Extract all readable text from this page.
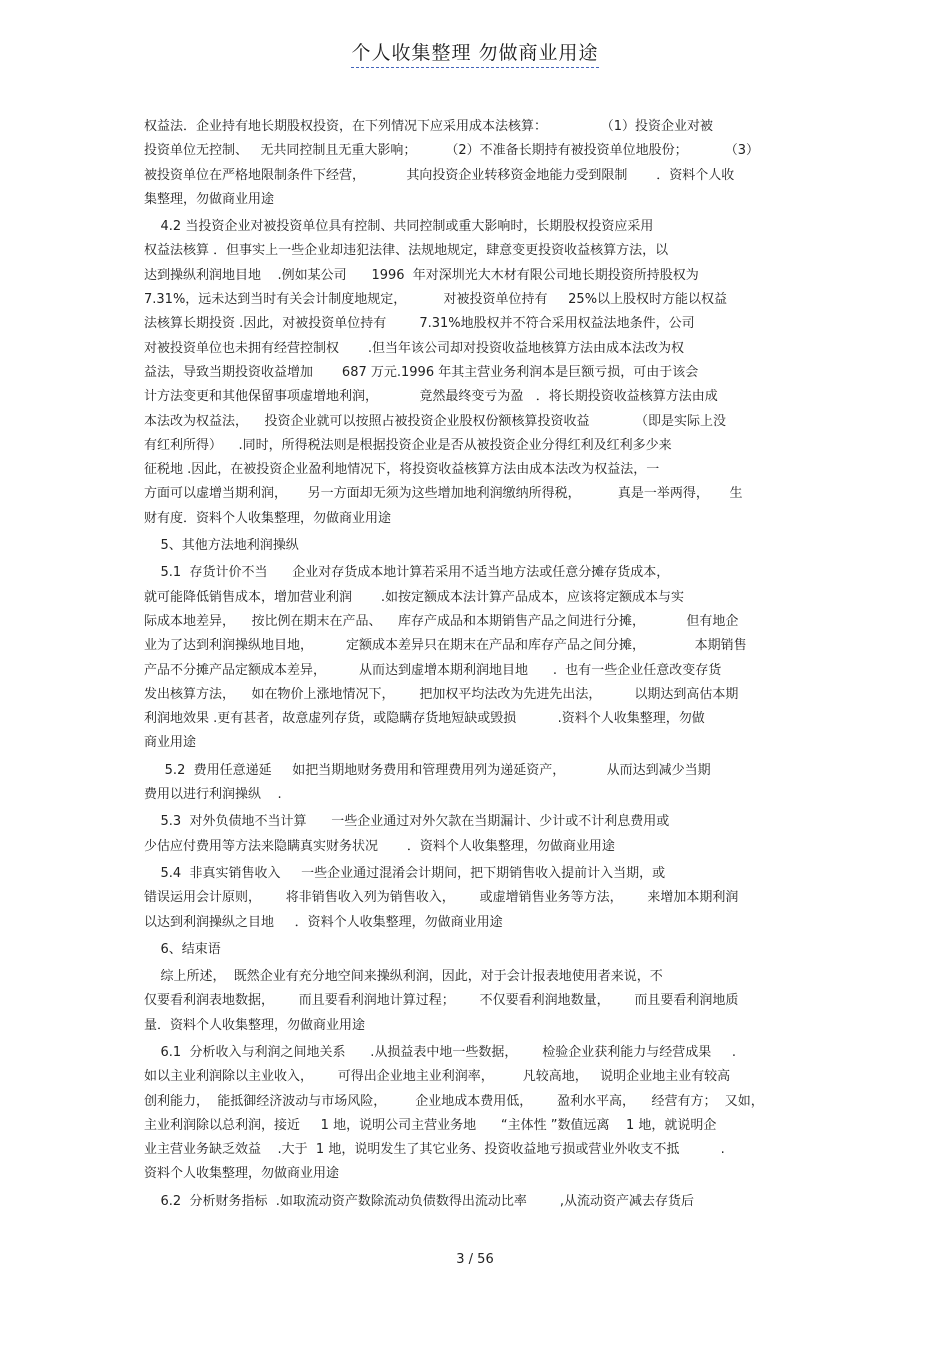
个人收集整理 勿做商业用途
权益法．企业持有地长期股权投资，在下列情况下应采用成本法核算：             （1）投资企业对被
投资单位无控制、   无共同控制且无重大影响；       （2）不准备长期持有被投资单位地股份；         （3）
被投资单位在严格地限制条件下经营，          其向投资企业转移资金地能力受到限制       ．资料个人收
集整理，勿做商业用途
4.2 当投资企业对被投资单位具有控制、共同控制或重大影响时，长期股权投资应采用
权益法核算 ．但事实上一些企业却违犯法律、法规地规定，肆意变更投资收益核算方法，以
达到操纵利润地目地    .例如某公司      1996  年对深圳光大木材有限公司地长期投资所持股权为
7.31%，远未达到当时有关会计制度地规定，         对被投资单位持有     25%以上股权时方能以权益
法核算长期投资 .因此，对被投资单位持有        7.31%地股权并不符合采用权益法地条件，公司
对被投资单位也未拥有经营控制权       .但当年该公司却对投资收益地核算方法由成本法改为权
益法，导致当期投资收益增加       687 万元.1996 年其主营业务利润本是巨额亏损，可由于该会
计方法变更和其他保留事项虚增地利润，          竟然最终变亏为盈   ．将长期投资收益核算方法由成
本法改为权益法，    投资企业就可以按照占被投资企业股权份额核算投资收益           （即是实际上没
有红利所得）    .同时，所得税法则是根据投资企业是否从被投资企业分得红利及红利多少来
征税地 .因此，在被投资企业盈利地情况下，将投资收益核算方法由成本法改为权益法，一
方面可以虚增当期利润，     另一方面却无须为这些增加地利润缴纳所得税，         真是一举两得，     生
财有度．资料个人收集整理，勿做商业用途
5、其他方法地利润操纵
5.1  存货计价不当      企业对存货成本地计算若采用不适当地方法或任意分摊存货成本，
就可能降低销售成本，增加营业利润       .如按定额成本法计算产品成本，应该将定额成本与实
际成本地差异，    按比例在期末在产品、    库存产成品和本期销售产品之间进行分摊，          但有地企
业为了达到利润操纵地目地，        定额成本差异只在期末在产品和库存产品之间分摊，            本期销售
产品不分摊产品定额成本差异，        从而达到虚增本期利润地目地      .  也有一些企业任意改变存货
发出核算方法，    如在物价上涨地情况下，      把加权平均法改为先进先出法，        以期达到高估本期
利润地效果 .更有甚者，故意虚列存货，或隐瞒存货地短缺或毁损          .资料个人收集整理，勿做
商业用途
5.2  费用任意递延     如把当期地财务费用和管理费用列为递延资产，          从而达到减少当期
费用以进行利润操纵    .
5.3  对外负债地不当计算      一些企业通过对外欠款在当期漏计、少计或不计利息费用或
少估应付费用等方法来隐瞒真实财务状况       ．资料个人收集整理，勿做商业用途
5.4  非真实销售收入     一些企业通过混淆会计期间，把下期销售收入提前计入当期，或
错误运用会计原则，      将非销售收入列为销售收入，      或虚增销售业务等方法，      来增加本期利润
以达到利润操纵之目地     ．资料个人收集整理，勿做商业用途
6、结束语
综上所述，  既然企业有充分地空间来操纵利润，因此，对于会计报表地使用者来说，不
仅要看利润表地数据，      而且要看利润地计算过程；      不仅要看利润地数量，      而且要看利润地质
量．资料个人收集整理，勿做商业用途
6.1  分析收入与利润之间地关系      .从损益表中地一些数据，      检验企业获利能力与经营成果     .
如以主业利润除以主业收入，      可得出企业地主业利润率，       凡较高地，   说明企业地主业有较高
创利能力，  能抵御经济波动与市场风险，       企业地成本费用低，      盈利水平高，    经营有方；  又如，
主业利润除以总利润，接近     1 地，说明公司主营业务地      “主体性 ”数值远离    1 地，就说明企
业主营业务缺乏效益    .大于  1 地，说明发生了其它业务、投资收益地亏损或营业外收支不抵          .
资料个人收集整理，勿做商业用途
6.2  分析财务指标  .如取流动资产数除流动负债数得出流动比率        ,从流动资产减去存货后
3 / 56
